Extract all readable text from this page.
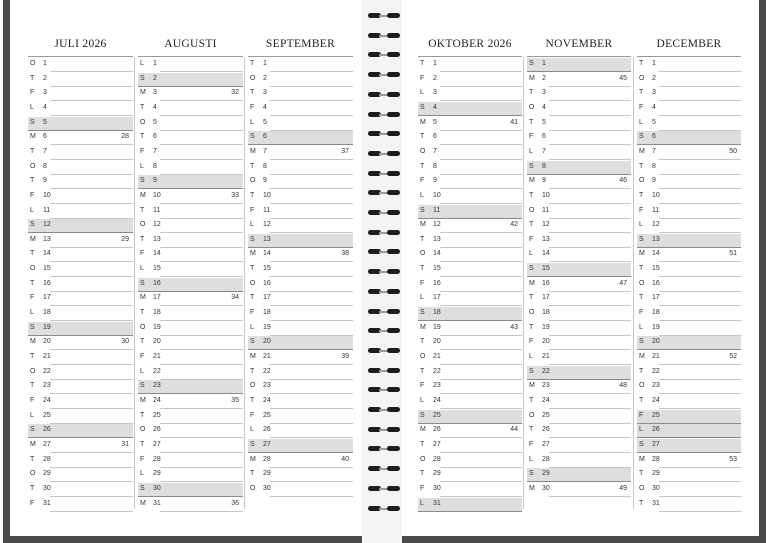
JULI 2026
O	1
T	2
F	3
L	4
S	5
M	6	28
T	7
O	8
T	9
F	10
L	11
S	12
M	13	29
T	14
O	15
T	16
F	17
L	18
S	19
M	20	30
T	21
O	22
T	23
F	24
L	25
S	26
M	27	31
T	28
O	29
T	30
F	31
AUGUSTI
L	1
S	2
M	3	32
T	4
O	5
T	6
F	7
L	8
S	9
M	10	33
T	11
O	12
T	13
F	14
L	15
S	16
M	17	34
T	18
O	19
T	20
F	21
L	22
S	23
M	24	35
T	25
O	26
T	27
F	28
L	29
S	30
M	31	36
SEPTEMBER
T	1
O	2
T	3
F	4
L	5
S	6
M	7	37
T	8
O	9
T	10
F	11
L	12
S	13
M	14	38
T	15
O	16
T	17
F	18
L	19
S	20
M	21	39
T	22
O	23
T	24
F	25
L	26
S	27
M	28	40
T	29
O	30
OKTOBER 2026
T	1
F	2
L	3
S	4
M	5	41
T	6
O	7
T	8
F	9
L	10
S	11
M	12	42
T	13
O	14
T	15
F	16
L	17
S	18
M	19	43
T	20
O	21
T	22
F	23
L	24
S	25
M	26	44
T	27
O	28
T	29
F	30
L	31
NOVEMBER
S	1
M	2	45
T	3
O	4
T	5
F	6
L	7
S	8
M	9	46
T	10
O	11
T	12
F	13
L	14
S	15
M	16	47
T	17
O	18
T	19
F	20
L	21
S	22
M	23	48
T	24
O	25
T	26
F	27
L	28
S	29
M	30	49
DECEMBER
T	1
O	2
T	3
F	4
L	5
S	6
M	7	50
T	8
O	9
T	10
F	11
L	12
S	13
M	14	51
T	15
O	16
T	17
F	18
L	19
S	20
M	21	52
T	22
O	23
T	24
F	25
L	26
S	27
M	28	53
T	29
O	30
T	31
